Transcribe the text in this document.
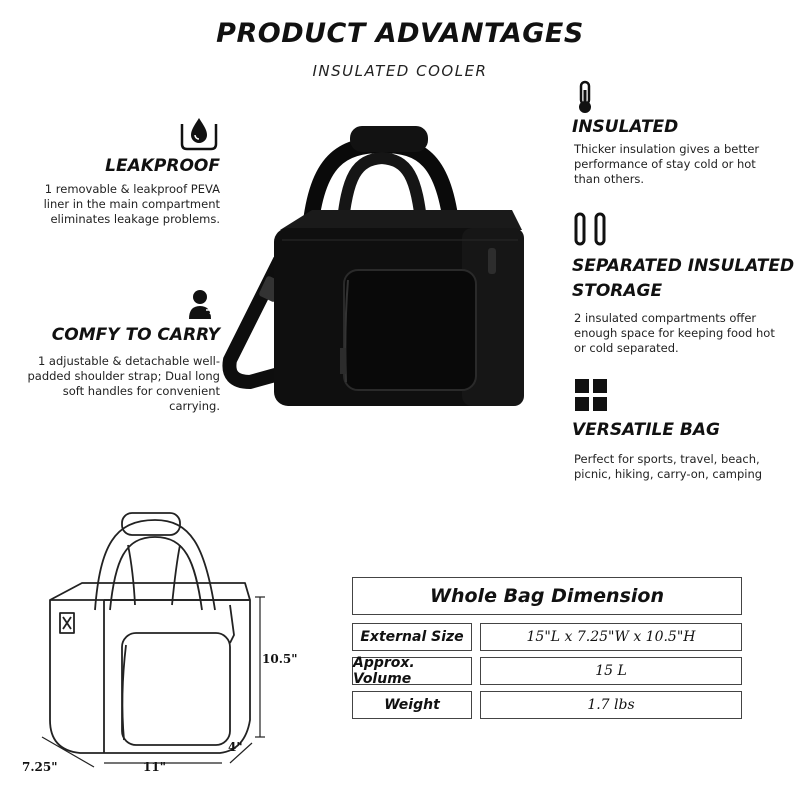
PRODUCT ADVANTAGES
INSULATED COOLER
LEAKPROOF
1 removable & leakproof PEVA liner in the main compartment eliminates leakage problems.
COMFY TO CARRY
1 adjustable & detachable well-padded shoulder strap; Dual long soft handles for convenient carrying.
INSULATED
Thicker insulation gives a better performance of stay cold or hot than others.
SEPARATED INSULATED STORAGE
2 insulated compartments offer enough space for keeping food hot or cold separated.
VERSATILE BAG
Perfect for sports, travel, beach, picnic, hiking, carry-on, camping
10.5"
4"
11"
7.25"
Whole Bag Dimension
External Size	15"L x 7.25"W x 10.5"H
Approx. Volume	15 L
Weight	1.7 lbs
